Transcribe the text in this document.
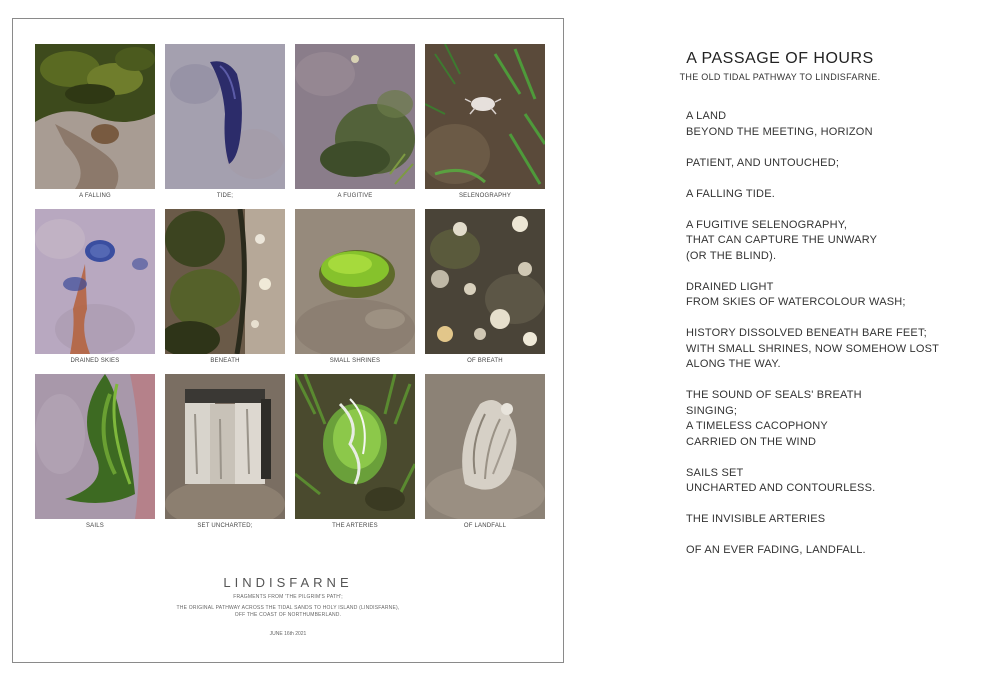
A FALLING	TIDE;	A FUGITIVE	SELENOGRAPHY
DRAINED SKIES	BENEATH	SMALL SHRINES	OF BREATH
SAILS	SET UNCHARTED;	THE ARTERIES	OF LANDFALL
LINDISFARNE
FRAGMENTS FROM 'THE PILGRIM'S PATH';
THE ORIGINAL PATHWAY ACROSS THE TIDAL SANDS TO HOLY ISLAND (LINDISFARNE),
OFF THE COAST OF NORTHUMBERLAND.
JUNE 16th 2021
A PASSAGE OF HOURS
THE OLD TIDAL PATHWAY TO LINDISFARNE.
A LAND
BEYOND THE MEETING, HORIZON
PATIENT, AND UNTOUCHED;
A FALLING TIDE.
A FUGITIVE SELENOGRAPHY,
THAT CAN CAPTURE THE UNWARY
(OR THE BLIND).
DRAINED LIGHT
FROM SKIES OF WATERCOLOUR WASH;
HISTORY DISSOLVED BENEATH BARE FEET;
WITH SMALL SHRINES, NOW SOMEHOW LOST
ALONG THE WAY.
THE SOUND OF SEALS' BREATH
SINGING;
A TIMELESS CACOPHONY
CARRIED ON THE WIND
SAILS SET
UNCHARTED AND CONTOURLESS.
THE INVISIBLE ARTERIES
OF AN EVER FADING, LANDFALL.
